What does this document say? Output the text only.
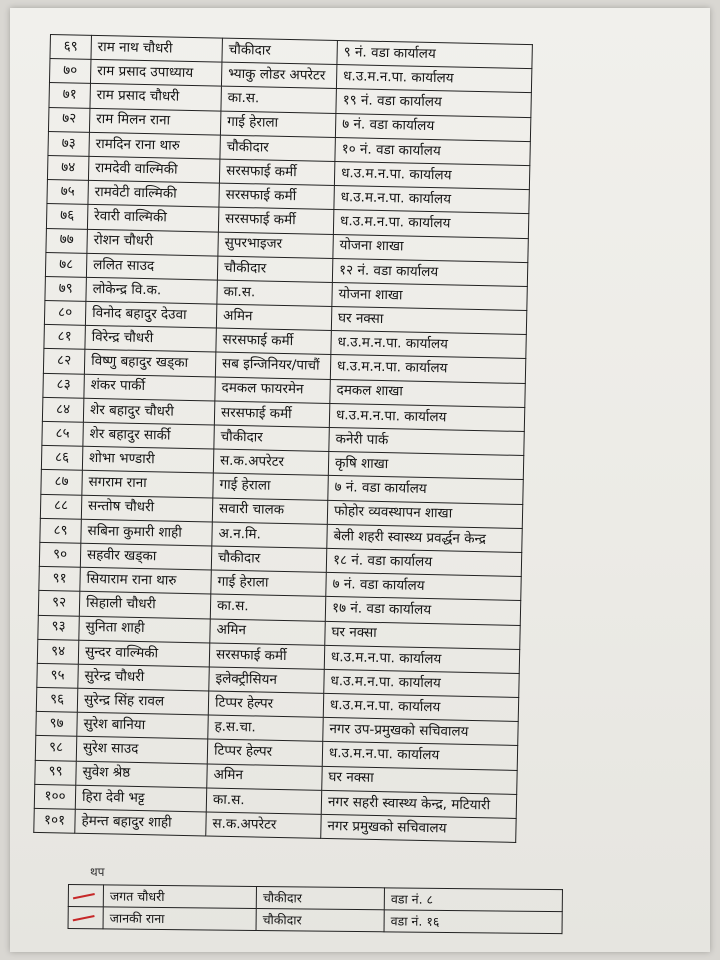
६९	राम नाथ चौधरी	चौकीदार	९ नं. वडा कार्यालय
७०	राम प्रसाद उपाध्याय	भ्याकु लोडर अपरेटर	ध.उ.म.न.पा. कार्यालय
७१	राम प्रसाद चौधरी	का.स.	१९ नं. वडा कार्यालय
७२	राम मिलन राना	गाई हेराला	७ नं. वडा कार्यालय
७३	रामदिन राना थारु	चौकीदार	१० नं. वडा कार्यालय
७४	रामदेवी वाल्मिकी	सरसफाई कर्मी	ध.उ.म.न.पा. कार्यालय
७५	रामवेटी वाल्मिकी	सरसफाई कर्मी	ध.उ.म.न.पा. कार्यालय
७६	रेवारी वाल्मिकी	सरसफाई कर्मी	ध.उ.म.न.पा. कार्यालय
७७	रोशन चौधरी	सुपरभाइजर	योजना शाखा
७८	ललित साउद	चौकीदार	१२ नं. वडा कार्यालय
७९	लोकेन्द्र वि.क.	का.स.	योजना शाखा
८०	विनोद बहादुर देउवा	अमिन	घर नक्सा
८१	विरेन्द्र चौधरी	सरसफाई कर्मी	ध.उ.म.न.पा. कार्यालय
८२	विष्णु बहादुर खड्का	सब इन्जिनियर/पाचौं	ध.उ.म.न.पा. कार्यालय
८३	शंकर पार्की	दमकल फायरमेन	दमकल शाखा
८४	शेर बहादुर चौधरी	सरसफाई कर्मी	ध.उ.म.न.पा. कार्यालय
८५	शेर बहादुर सार्की	चौकीदार	कनेरी पार्क
८६	शोभा भण्डारी	स.क.अपरेटर	कृषि शाखा
८७	सगराम राना	गाई हेराला	७ नं. वडा कार्यालय
८८	सन्तोष चौधरी	सवारी चालक	फोहोर व्यवस्थापन शाखा
८९	सबिना कुमारी शाही	अ.न.मि.	बेली शहरी स्वास्थ्य प्रवर्द्धन केन्द्र
९०	सहवीर खड्का	चौकीदार	१८ नं. वडा कार्यालय
९१	सियाराम राना थारु	गाई हेराला	७ नं. वडा कार्यालय
९२	सिहाली चौधरी	का.स.	१७ नं. वडा कार्यालय
९३	सुनिता शाही	अमिन	घर नक्सा
९४	सुन्दर वाल्मिकी	सरसफाई कर्मी	ध.उ.म.न.पा. कार्यालय
९५	सुरेन्द्र चौधरी	इलेक्ट्रीसियन	ध.उ.म.न.पा. कार्यालय
९६	सुरेन्द्र सिंह रावल	टिप्पर हेल्पर	ध.उ.म.न.पा. कार्यालय
९७	सुरेश बानिया	ह.स.चा.	नगर उप-प्रमुखको सचिवालय
९८	सुरेश साउद	टिप्पर हेल्पर	ध.उ.म.न.पा. कार्यालय
९९	सुवेश श्रेष्ठ	अमिन	घर नक्सा
१००	हिरा देवी भट्ट	का.स.	नगर सहरी स्वास्थ्य केन्द्र, मटियारी
१०१	हेमन्त बहादुर शाही	स.क.अपरेटर	नगर प्रमुखको सचिवालय
थप
	जगत चौधरी	चौकीदार	वडा नं. ८

	जानकी राना	चौकीदार	वडा नं. १६
